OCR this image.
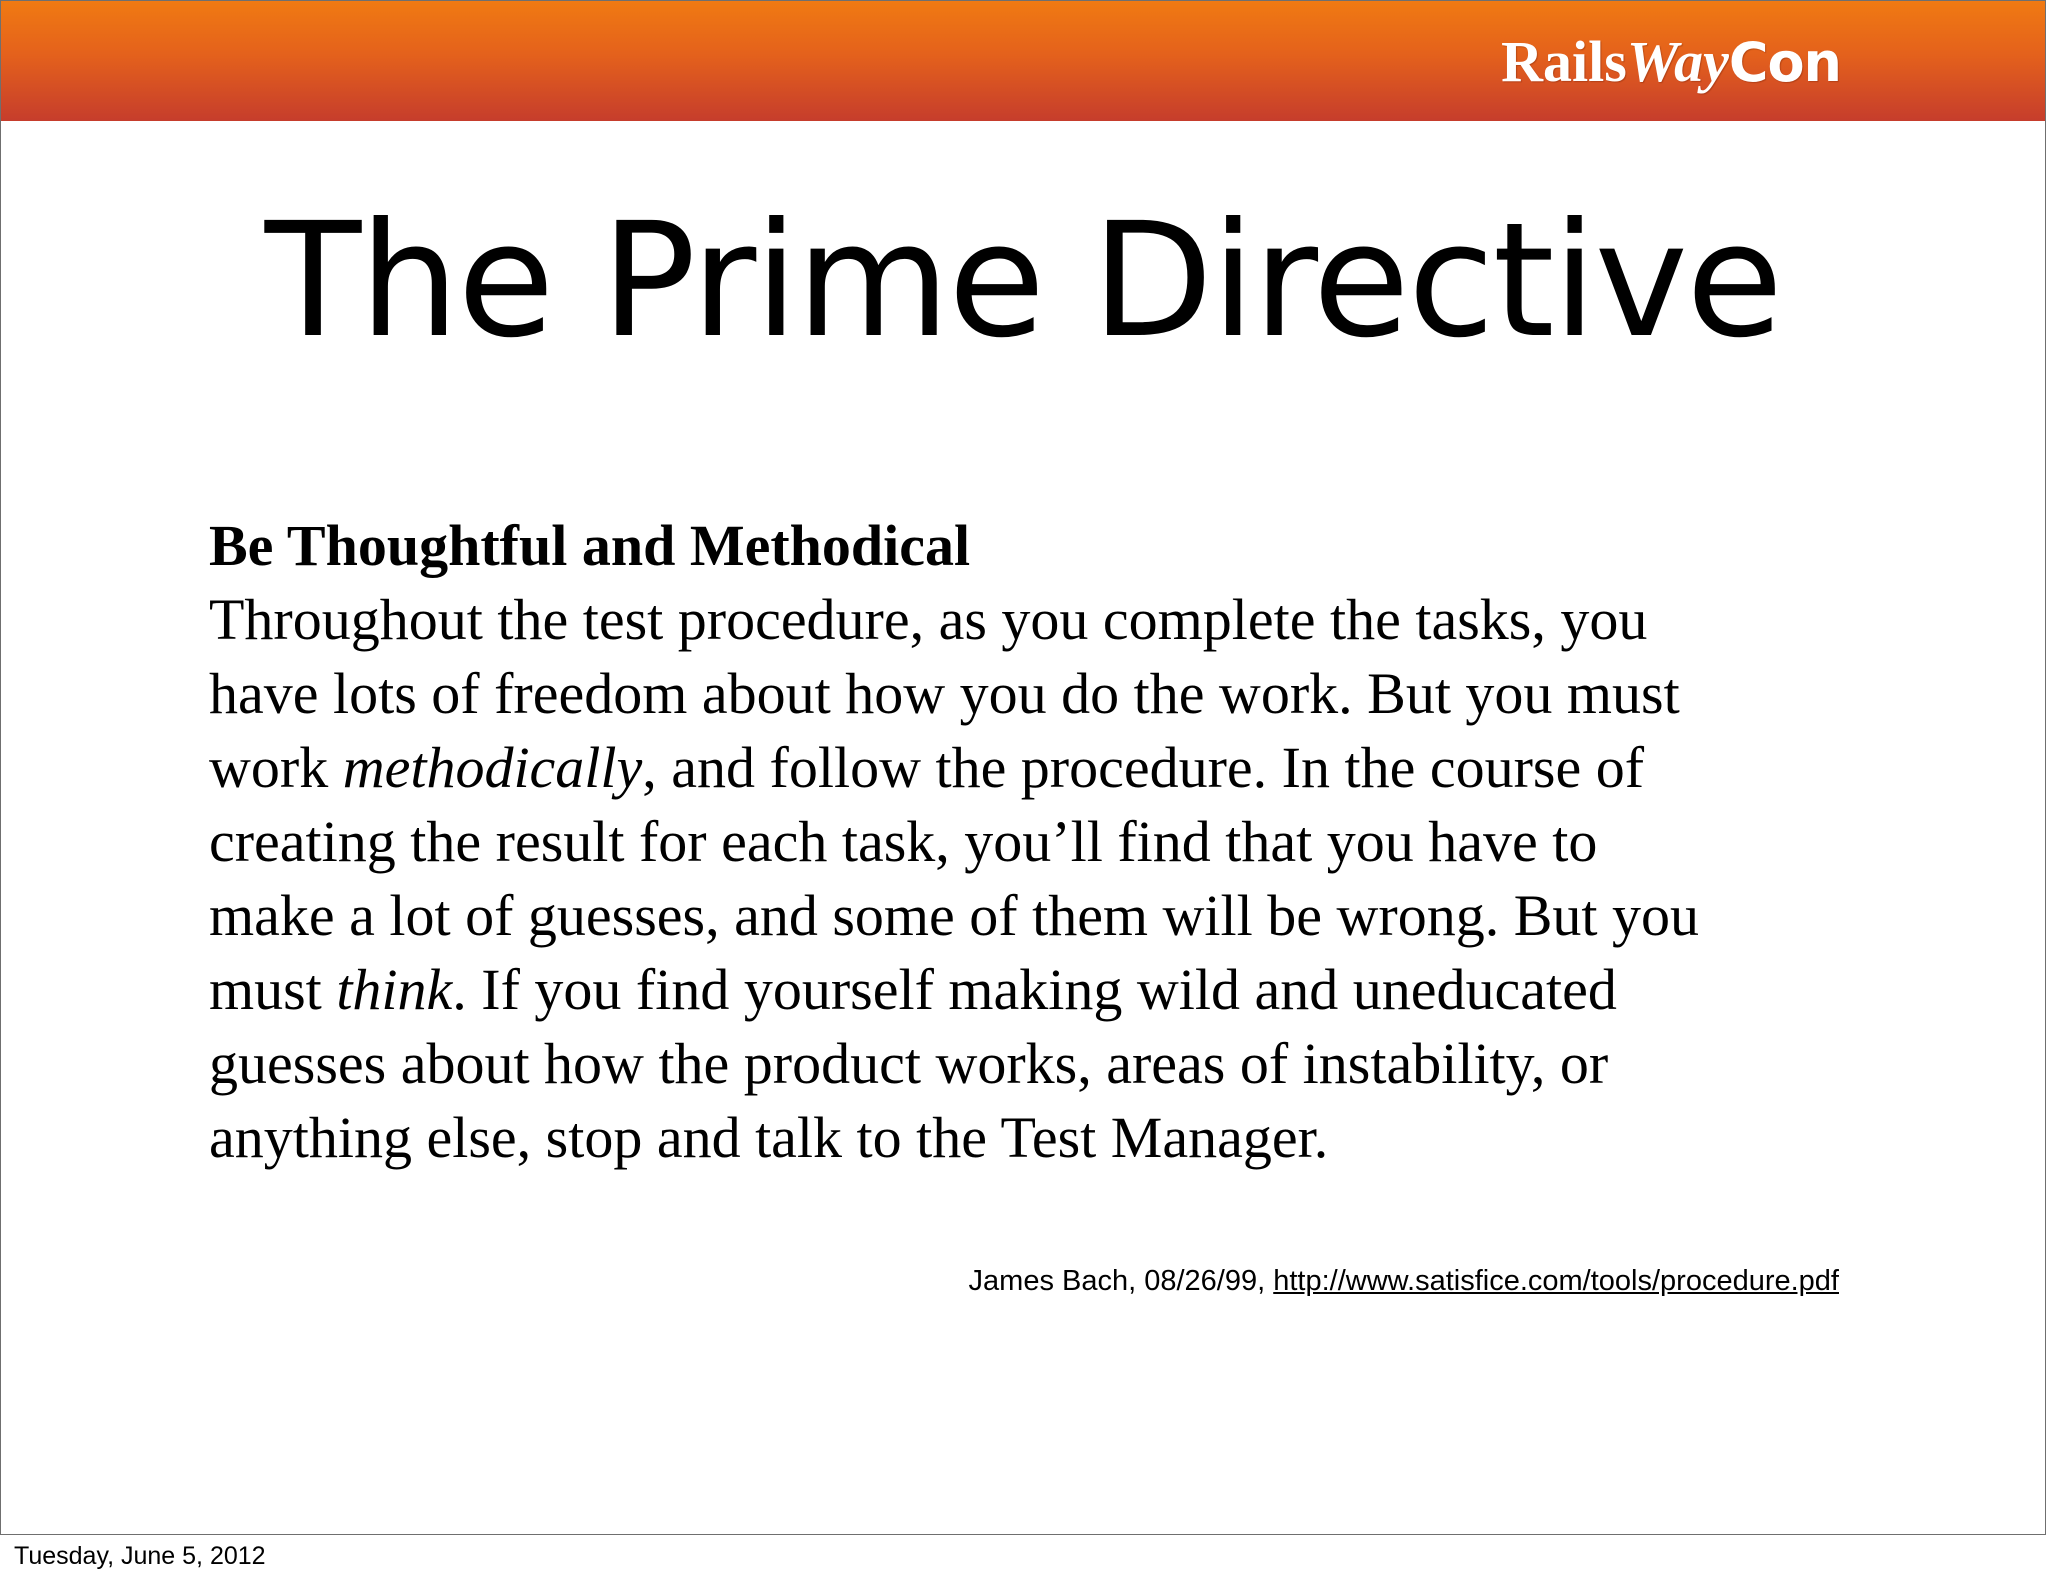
RailsWayCon
The Prime Directive
Be Thoughtful and Methodical
Throughout the test procedure, as you complete the tasks, you
have lots of freedom about how you do the work. But you must
work methodically, and follow the procedure. In the course of
creating the result for each task, you’ll find that you have to
make a lot of guesses, and some of them will be wrong. But you
must think. If you find yourself making wild and uneducated
guesses about how the product works, areas of instability, or
anything else, stop and talk to the Test Manager.
James Bach, 08/26/99, http://www.satisfice.com/tools/procedure.pdf
Tuesday, June 5, 2012
